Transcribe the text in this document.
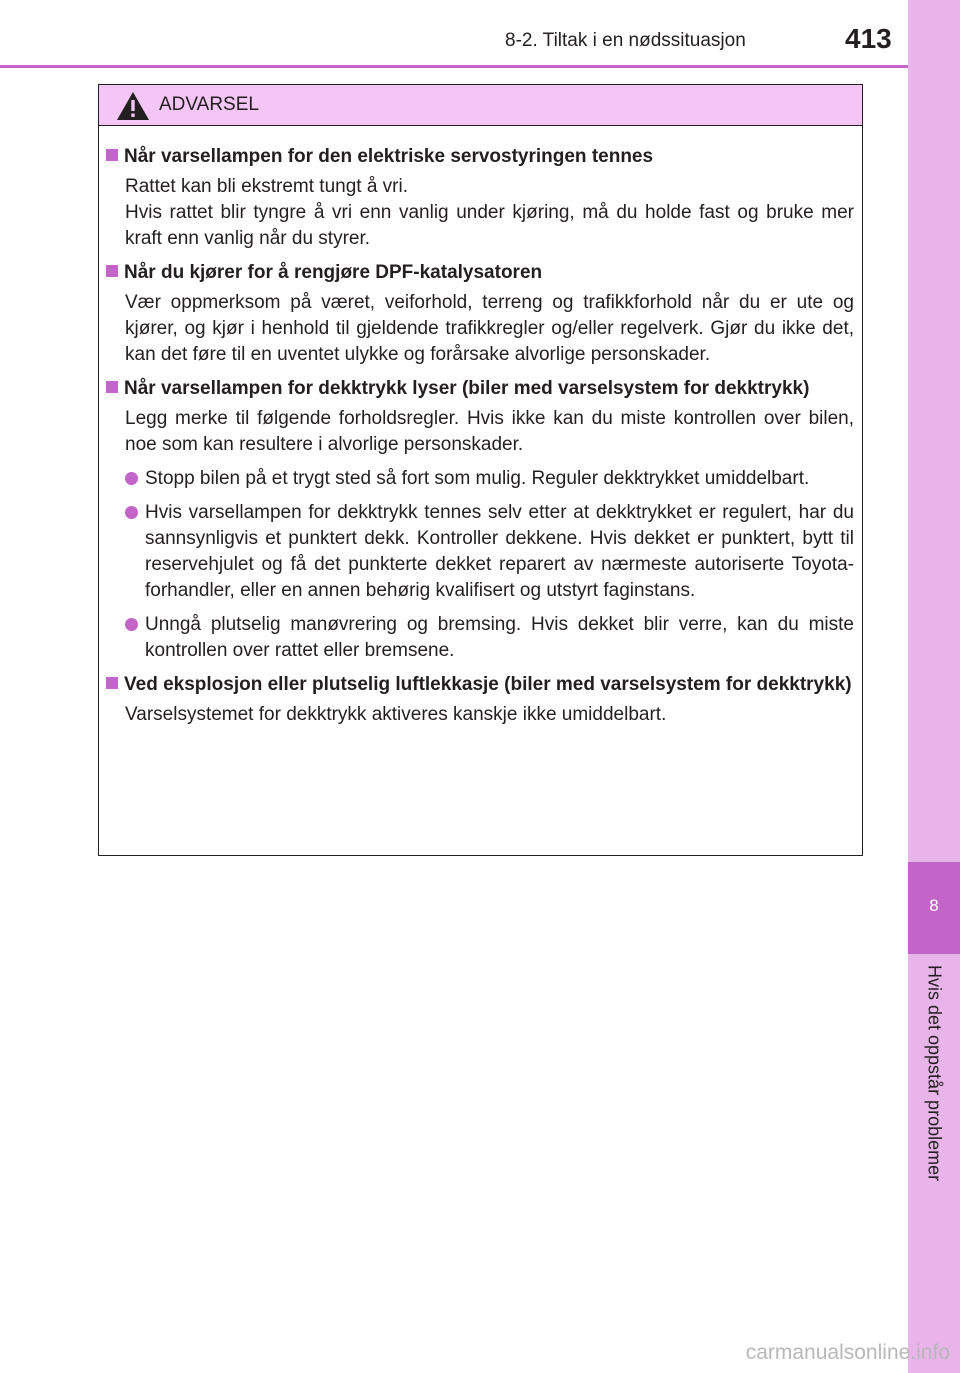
8-2. Tiltak i en nødssituasjon	413
8
Hvis det oppstår problemer
ADVARSEL
Når varsellampen for den elektriske servostyringen tennes
Rattet kan bli ekstremt tungt å vri.
Hvis rattet blir tyngre å vri enn vanlig under kjøring, må du holde fast og bruke mer kraft enn vanlig når du styrer.
Når du kjører for å rengjøre DPF-katalysatoren
Vær oppmerksom på været, veiforhold, terreng og trafikkforhold når du er ute og kjører, og kjør i henhold til gjeldende trafikkregler og/eller regelverk. Gjør du ikke det, kan det føre til en uventet ulykke og forårsake alvorlige personskader.
Når varsellampen for dekktrykk lyser (biler med varselsystem for dekktrykk)
Legg merke til følgende forholdsregler. Hvis ikke kan du miste kontrollen over bilen, noe som kan resultere i alvorlige personskader.
Stopp bilen på et trygt sted så fort som mulig. Reguler dekktrykket umiddelbart.
Hvis varsellampen for dekktrykk tennes selv etter at dekktrykket er regulert, har du sannsynligvis et punktert dekk. Kontroller dekkene. Hvis dekket er punktert, bytt til reservehjulet og få det punkterte dekket reparert av nærmeste autoriserte Toyota-forhandler, eller en annen behørig kvalifisert og utstyrt faginstans.
Unngå plutselig manøvrering og bremsing. Hvis dekket blir verre, kan du miste kontrollen over rattet eller bremsene.
Ved eksplosjon eller plutselig luftlekkasje (biler med varselsystem for dekktrykk)
Varselsystemet for dekktrykk aktiveres kanskje ikke umiddelbart.
carmanualsonline.info
